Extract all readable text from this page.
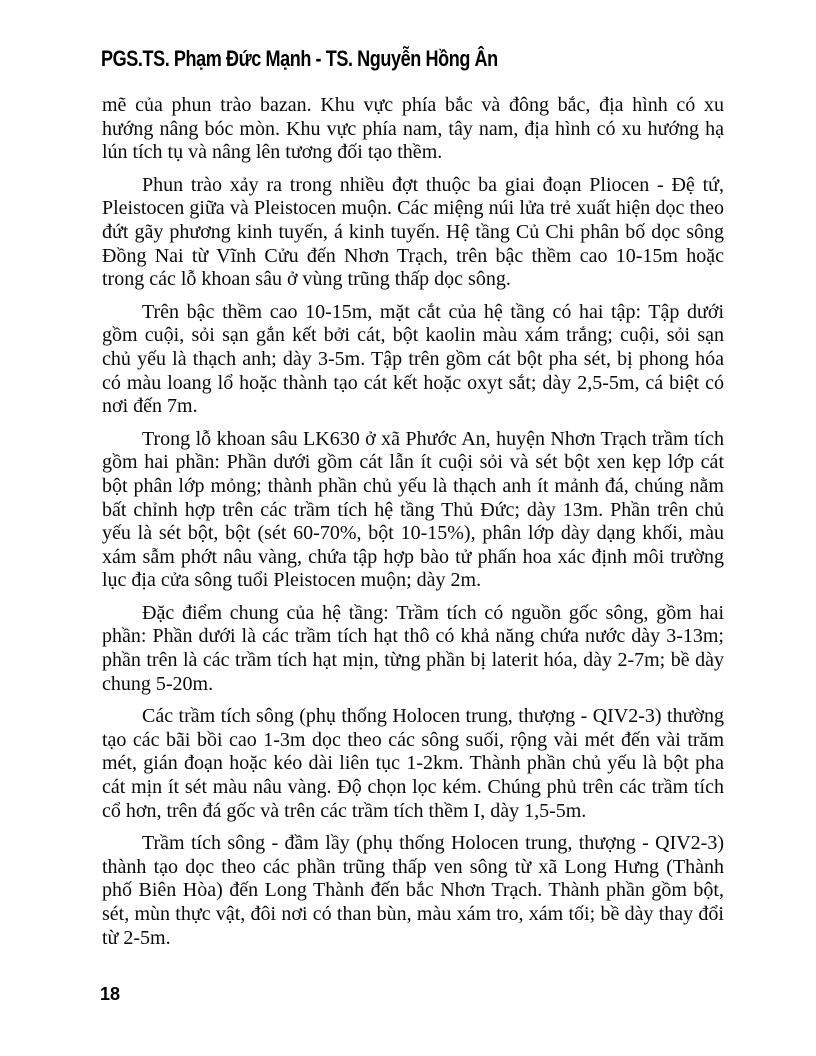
PGS.TS. Phạm Đức Mạnh - TS. Nguyễn Hồng Ân

mẽ của phun trào bazan. Khu vực phía bắc và đông bắc, địa hình có xu hướng nâng bóc mòn. Khu vực phía nam, tây nam, địa hình có xu hướng hạ lún tích tụ và nâng lên tương đối tạo thềm.

Phun trào xảy ra trong nhiều đợt thuộc ba giai đoạn Pliocen - Đệ tứ, Pleistocen giữa và Pleistocen muộn. Các miệng núi lửa trẻ xuất hiện dọc theo đứt gãy phương kinh tuyến, á kinh tuyến. Hệ tầng Củ Chi phân bố dọc sông Đồng Nai từ Vĩnh Cửu đến Nhơn Trạch, trên bậc thềm cao 10-15m hoặc trong các lỗ khoan sâu ở vùng trũng thấp dọc sông.

Trên bậc thềm cao 10-15m, mặt cắt của hệ tầng có hai tập: Tập dưới gồm cuội, sỏi sạn gắn kết bởi cát, bột kaolin màu xám trắng; cuội, sỏi sạn chủ yếu là thạch anh; dày 3-5m. Tập trên gồm cát bột pha sét, bị phong hóa có màu loang lổ hoặc thành tạo cát kết hoặc oxyt sắt; dày 2,5-5m, cá biệt có nơi đến 7m.

Trong lỗ khoan sâu LK630 ở xã Phước An, huyện Nhơn Trạch trầm tích gồm hai phần: Phần dưới gồm cát lẫn ít cuội sỏi và sét bột xen kẹp lớp cát bột phân lớp mỏng; thành phần chủ yếu là thạch anh ít mảnh đá, chúng nằm bất chỉnh hợp trên các trầm tích hệ tầng Thủ Đức; dày 13m. Phần trên chủ yếu là sét bột, bột (sét 60-70%, bột 10-15%), phân lớp dày dạng khối, màu xám sẫm phớt nâu vàng, chứa tập hợp bào tử phấn hoa xác định môi trường lục địa cửa sông tuổi Pleistocen muộn; dày 2m.

Đặc điểm chung của hệ tầng: Trầm tích có nguồn gốc sông, gồm hai phần: Phần dưới là các trầm tích hạt thô có khả năng chứa nước dày 3-13m; phần trên là các trầm tích hạt mịn, từng phần bị laterit hóa, dày 2-7m; bề dày chung 5-20m.

Các trầm tích sông (phụ thống Holocen trung, thượng - QIV2-3) thường tạo các bãi bồi cao 1-3m dọc theo các sông suối, rộng vài mét đến vài trăm mét, gián đoạn hoặc kéo dài liên tục 1-2km. Thành phần chủ yếu là bột pha cát mịn ít sét màu nâu vàng. Độ chọn lọc kém. Chúng phủ trên các trầm tích cổ hơn, trên đá gốc và trên các trầm tích thềm I, dày 1,5-5m.

Trầm tích sông - đầm lầy (phụ thống Holocen trung, thượng - QIV2-3) thành tạo dọc theo các phần trũng thấp ven sông từ xã Long Hưng (Thành phố Biên Hòa) đến Long Thành đến bắc Nhơn Trạch. Thành phần gồm bột, sét, mùn thực vật, đôi nơi có than bùn, màu xám tro, xám tối; bề dày thay đổi từ 2-5m.

18
